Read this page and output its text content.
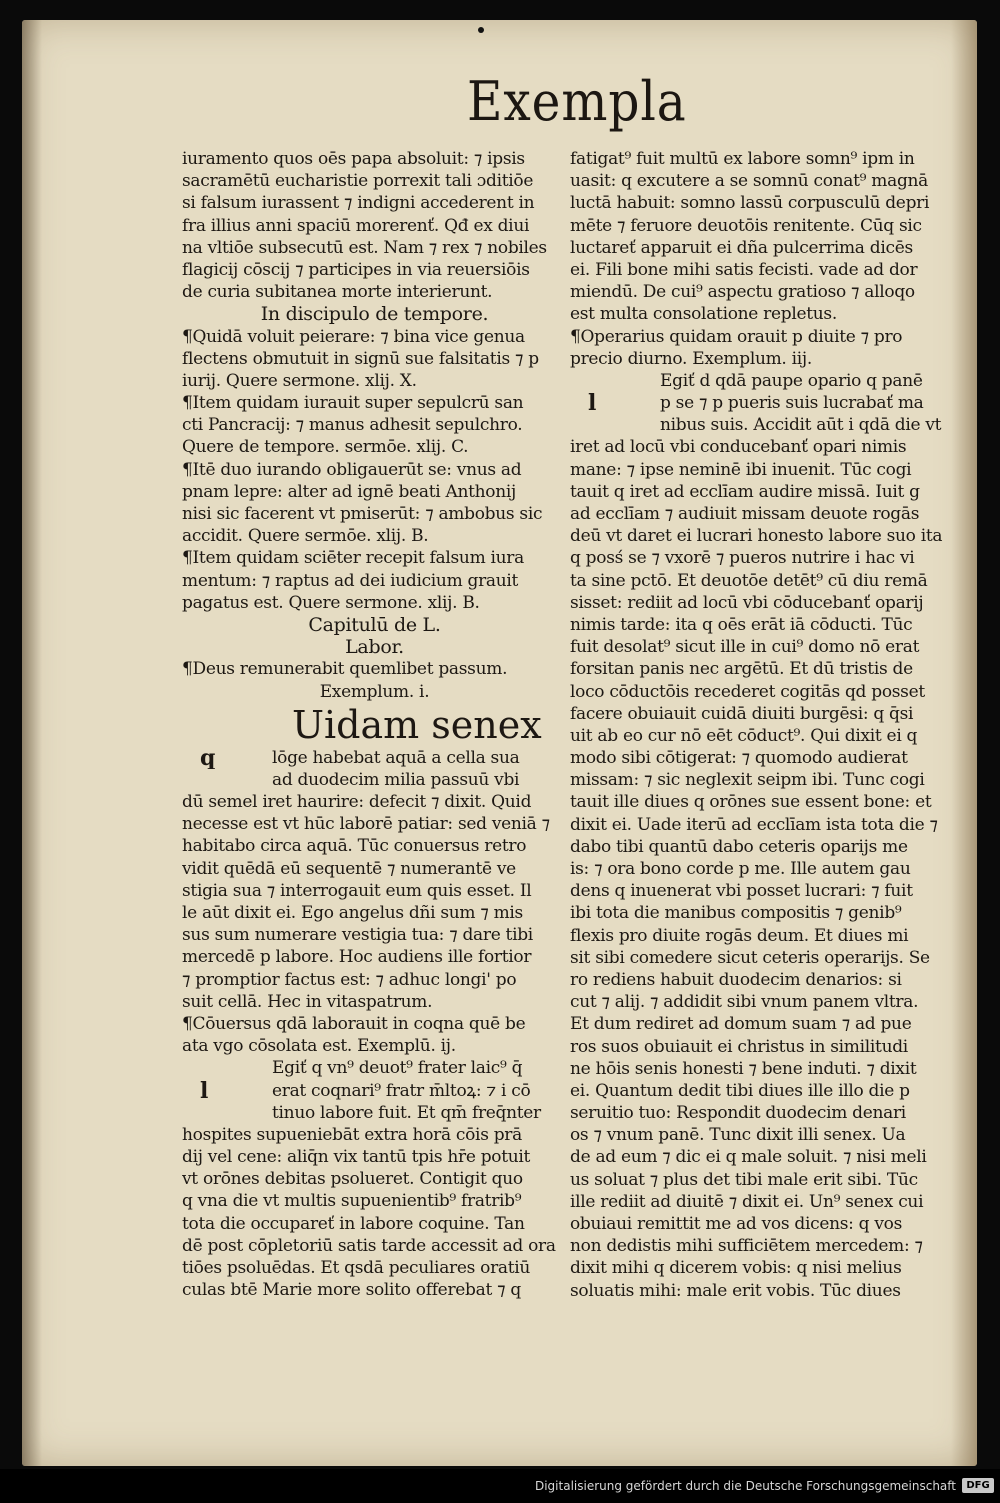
Exempla
iuramento quos oēs papa absoluit: ⁊ ipsis
sacramētū eucharistie porrexit tali ɔditiōe
si falsum iurassent ⁊ indigni accederent in
fra illius anni spaciū morerenť. Qđ ex diui
na vltiōe subsecutū est. Nam ⁊ rex ⁊ nobiles
flagicij cōscij ⁊ participes in via reuersiōis
de curia subitanea morte interierunt.
In discipulo de tempore.
¶Quidā voluit peierare: ⁊ bina vice genua
flectens obmutuit in signū sue falsitatis ⁊ p
iurij. Quere sermone. xlij. X.
¶Item quidam iurauit super sepulcrū san
cti Pancracij: ⁊ manus adhesit sepulchro.
Quere de tempore. sermōe. xlij. C.
¶Itē duo iurando obligauerūt se: vnus ad
pnam lepre: alter ad ignē beati Anthonij
nisi sic facerent vt pmiserūt: ⁊ ambobus sic
accidit. Quere sermōe. xlij. B.
¶Item quidam sciēter recepit falsum iura
mentum: ⁊ raptus ad dei iudicium grauit
pagatus est. Quere sermone. xlij. B.
Capitulū de L.
Labor.
¶Deus remunerabit quemlibet passum.
Exemplum. i.
Uidam senex
lōge habebat aquā a cella sua
q
ad duodecim milia passuū vbi
dū semel iret haurire: defecit ⁊ dixit. Quid
necesse est vt hūc laborē patiar: sed veniā ⁊
habitabo circa aquā. Tūc conuersus retro
vidit quēdā eū sequentē ⁊ numerantē ve
stigia sua ⁊ interrogauit eum quis esset. Il
le aūt dixit ei. Ego angelus dñi sum ⁊ mis
sus sum numerare vestigia tua: ⁊ dare tibi
mercedē p labore. Hoc audiens ille fortior
⁊ promptior factus est: ⁊ adhuc longi' po
suit cellā. Hec in vitaspatrum.
¶Cōuersus qdā laborauit in coqna quē be
ata vgo cōsolata est. Exemplū. ij.
Egiť q vn⁹ deuot⁹ frater laic⁹ q̄
erat coqnari⁹ fratr m̄ltoꝝ: ⁊ i cō
l
tinuo labore fuit. Et qm̄ freq̄nter
hospites supueniebāt extra horā cōis prā
dij vel cene: aliq̄n vix tantū tpis hr̄e potuit
vt orōnes debitas psolueret. Contigit quo
q vna die vt multis supuenientib⁹ fratrib⁹
tota die occupareť in labore coquine. Tan
dē post cōpletoriū satis tarde accessit ad ora
tiōes psoluēdas. Et qsdā peculiares oratiū
culas btē Marie more solito offerebat ⁊ q
fatigat⁹ fuit multū ex labore somn⁹ ipm in
uasit: q excutere a se somnū conat⁹ magnā
luctā habuit: somno lassū corpusculū depri
mēte ⁊ feruore deuotōis renitente. Cūq sic
luctareť apparuit ei dña pulcerrima dicēs
ei. Fili bone mihi satis fecisti. vade ad dor
miendū. De cui⁹ aspectu gratioso ⁊ alloqo
est multa consolatione repletus.
¶Operarius quidam orauit p diuite ⁊ pro
precio diurno. Exemplum. iij.
Egiť d qdā paupe opario q panē
p se ⁊ p pueris suis lucrabať ma
l
nibus suis. Accidit aūt i qdā die vt
iret ad locū vbi conducebanť opari nimis
mane: ⁊ ipse neminē ibi inuenit. Tūc cogi
tauit q iret ad ecclīam audire missā. Iuit g
ad ecclīam ⁊ audiuit missam deuote rogās
deū vt daret ei lucrari honesto labore suo ita
q posś se ⁊ vxorē ⁊ pueros nutrire i hac vi
ta sine pctō. Et deuotōe detēt⁹ cū diu remā
sisset: rediit ad locū vbi cōducebanť oparij
nimis tarde: ita q oēs erāt iā cōducti. Tūc
fuit desolat⁹ sicut ille in cui⁹ domo nō erat
forsitan panis nec argētū. Et dū tristis de
loco cōductōis recederet cogitās qd posset
facere obuiauit cuidā diuiti burgēsi: q q̄si
uit ab eo cur nō eēt cōduct⁹. Qui dixit ei q
modo sibi cōtigerat: ⁊ quomodo audierat
missam: ⁊ sic neglexit seipm ibi. Tunc cogi
tauit ille diues q orōnes sue essent bone: et
dixit ei. Uade iterū ad ecclīam ista tota die ⁊
dabo tibi quantū dabo ceteris oparijs me
is: ⁊ ora bono corde p me. Ille autem gau
dens q inuenerat vbi posset lucrari: ⁊ fuit
ibi tota die manibus compositis ⁊ genib⁹
flexis pro diuite rogās deum. Et diues mi
sit sibi comedere sicut ceteris operarijs. Se
ro rediens habuit duodecim denarios: si
cut ⁊ alij. ⁊ addidit sibi vnum panem vltra.
Et dum rediret ad domum suam ⁊ ad pue
ros suos obuiauit ei christus in similitudi
ne hōis senis honesti ⁊ bene induti. ⁊ dixit
ei. Quantum dedit tibi diues ille illo die p
seruitio tuo: Respondit duodecim denari
os ⁊ vnum panē. Tunc dixit illi senex. Ua
de ad eum ⁊ dic ei q male soluit. ⁊ nisi meli
us soluat ⁊ plus det tibi male erit sibi. Tūc
ille rediit ad diuitē ⁊ dixit ei. Un⁹ senex cui
obuiaui remittit me ad vos dicens: q vos
non dedistis mihi sufficiētem mercedem: ⁊
dixit mihi q dicerem vobis: q nisi melius
soluatis mihi: male erit vobis. Tūc diues
Digitalisierung gefördert durch die Deutsche Forschungsgemeinschaft	DFG
